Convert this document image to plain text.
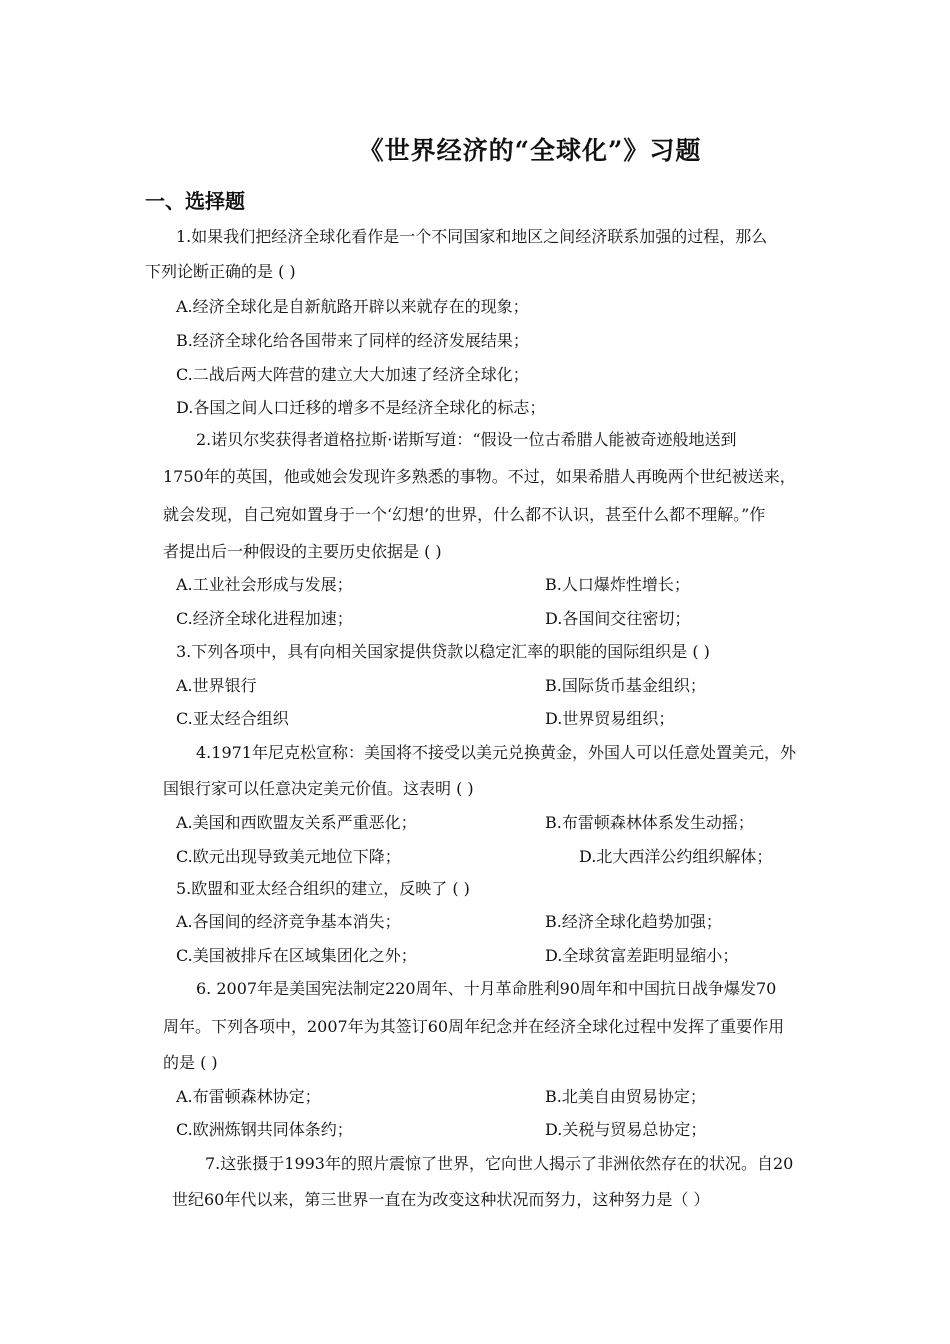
《世界经济的“全球化”》习题
一、选择题
1.如果我们把经济全球化看作是一个不同国家和地区之间经济联系加强的过程，那么
下列论断正确的是 ( )
A.经济全球化是自新航路开辟以来就存在的现象；
B.经济全球化给各国带来了同样的经济发展结果；
C.二战后两大阵营的建立大大加速了经济全球化；
D.各国之间人口迁移的增多不是经济全球化的标志；
2.诺贝尔奖获得者道格拉斯·诺斯写道：“假设一位古希腊人能被奇迹般地送到
1750年的英国，他或她会发现许多熟悉的事物。不过，如果希腊人再晚两个世纪被送来，
就会发现，自己宛如置身于一个‘幻想’的世界，什么都不认识，甚至什么都不理解。”作
者提出后一种假设的主要历史依据是 ( )
A.工业社会形成与发展；	B.人口爆炸性增长；
C.经济全球化进程加速；	D.各国间交往密切；
3.下列各项中，具有向相关国家提供贷款以稳定汇率的职能的国际组织是 ( )
A.世界银行	B.国际货币基金组织；
C.亚太经合组织	D.世界贸易组织；
4.1971年尼克松宣称：美国将不接受以美元兑换黄金，外国人可以任意处置美元，外
国银行家可以任意决定美元价值。这表明 ( )
A.美国和西欧盟友关系严重恶化；	B.布雷顿森林体系发生动摇；
C.欧元出现导致美元地位下降；	D.北大西洋公约组织解体；
5.欧盟和亚太经合组织的建立，反映了 ( )
A.各国间的经济竞争基本消失；	B.经济全球化趋势加强；
C.美国被排斥在区域集团化之外；	D.全球贫富差距明显缩小；
6. 2007年是美国宪法制定220周年、十月革命胜利90周年和中国抗日战争爆发70
周年。下列各项中，2007年为其签订60周年纪念并在经济全球化过程中发挥了重要作用
的是 ( )
A.布雷顿森林协定；	B.北美自由贸易协定；
C.欧洲炼钢共同体条约；	D.关税与贸易总协定；
7.这张摄于1993年的照片震惊了世界，它向世人揭示了非洲依然存在的状况。自20
世纪60年代以来，第三世界一直在为改变这种状况而努力，这种努力是（ ）
